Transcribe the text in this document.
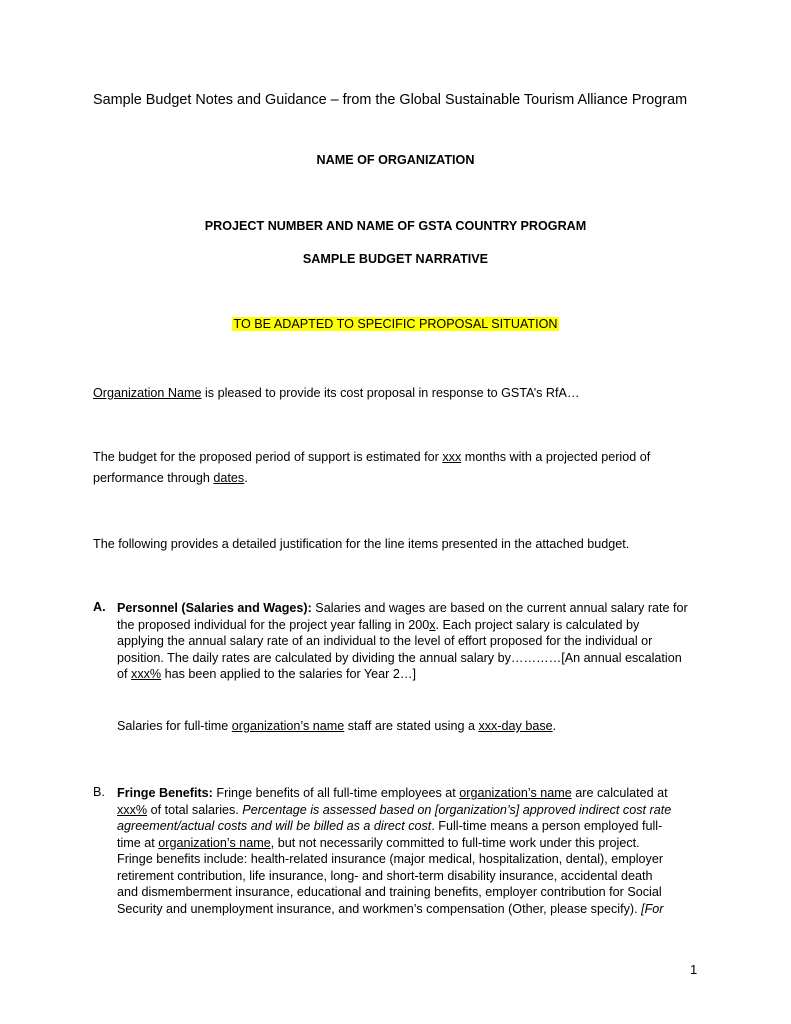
Sample Budget Notes and Guidance – from the Global Sustainable Tourism Alliance Program
NAME OF ORGANIZATION
PROJECT NUMBER AND NAME OF GSTA COUNTRY PROGRAM
SAMPLE BUDGET NARRATIVE
TO BE ADAPTED TO SPECIFIC PROPOSAL SITUATION
Organization Name is pleased to provide its cost proposal in response to GSTA’s RfA…
The budget for the proposed period of support is estimated for xxx months with a projected period of
performance through dates.
The following provides a detailed justification for the line items presented in the attached budget.
A. Personnel (Salaries and Wages): Salaries and wages are based on the current annual salary rate for
the proposed individual for the project year falling in 200x. Each project salary is calculated by
applying the annual salary rate of an individual to the level of effort proposed for the individual or
position. The daily rates are calculated by dividing the annual salary by…………[An annual escalation
of xxx% has been applied to the salaries for Year 2…]
Salaries for full-time organization’s name staff are stated using a xxx-day base.
B. Fringe Benefits: Fringe benefits of all full-time employees at organization’s name are calculated at
xxx% of total salaries. Percentage is assessed based on [organization’s] approved indirect cost rate
agreement/actual costs and will be billed as a direct cost. Full-time means a person employed full-
time at organization’s name, but not necessarily committed to full-time work under this project.
Fringe benefits include: health-related insurance (major medical, hospitalization, dental), employer
retirement contribution, life insurance, long- and short-term disability insurance, accidental death
and dismemberment insurance, educational and training benefits, employer contribution for Social
Security and unemployment insurance, and workmen’s compensation (Other, please specify). [For
1
